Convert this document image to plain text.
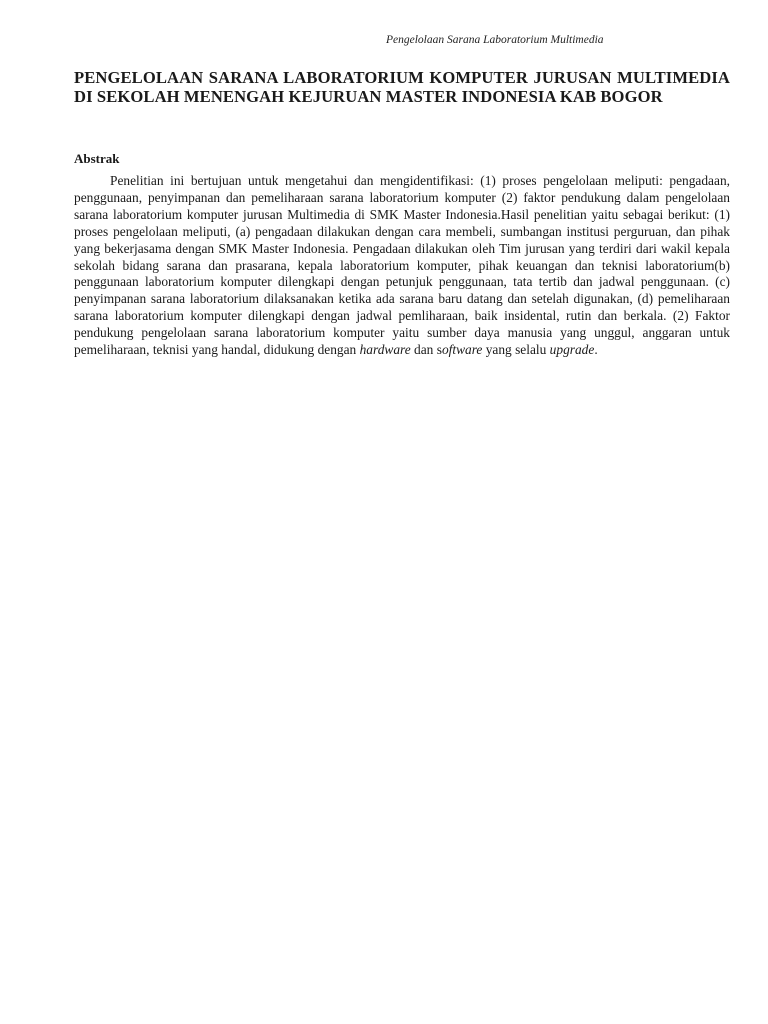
Pengelolaan Sarana Laboratorium Multimedia
PENGELOLAAN SARANA LABORATORIUM KOMPUTER JURUSAN MULTIMEDIA DI SEKOLAH MENENGAH KEJURUAN MASTER INDONESIA KAB BOGOR
Abstrak

Penelitian ini bertujuan untuk mengetahui dan mengidentifikasi: (1) proses pengelolaan meliputi: pengadaan, penggunaan, penyimpanan dan pemeliharaan sarana laboratorium komputer (2) faktor pendukung dalam pengelolaan sarana laboratorium komputer jurusan Multimedia di SMK Master Indonesia.Hasil penelitian yaitu sebagai berikut: (1) proses pengelolaan meliputi, (a) pengadaan dilakukan dengan cara membeli, sumbangan institusi perguruan, dan pihak yang bekerjasama dengan SMK Master Indonesia. Pengadaan dilakukan oleh Tim jurusan yang terdiri dari wakil kepala sekolah bidang sarana dan prasarana, kepala laboratorium komputer, pihak keuangan dan teknisi laboratorium(b) penggunaan laboratorium komputer dilengkapi dengan petunjuk penggunaan, tata tertib dan jadwal penggunaan. (c) penyimpanan sarana laboratorium dilaksanakan ketika ada sarana baru datang dan setelah digunakan, (d) pemeliharaan sarana laboratorium komputer dilengkapi dengan jadwal pemliharaan, baik insidental, rutin dan berkala. (2) Faktor pendukung pengelolaan sarana laboratorium komputer yaitu sumber daya manusia yang unggul, anggaran untuk pemeliharaan, teknisi yang handal, didukung dengan hardware dan software yang selalu upgrade.
